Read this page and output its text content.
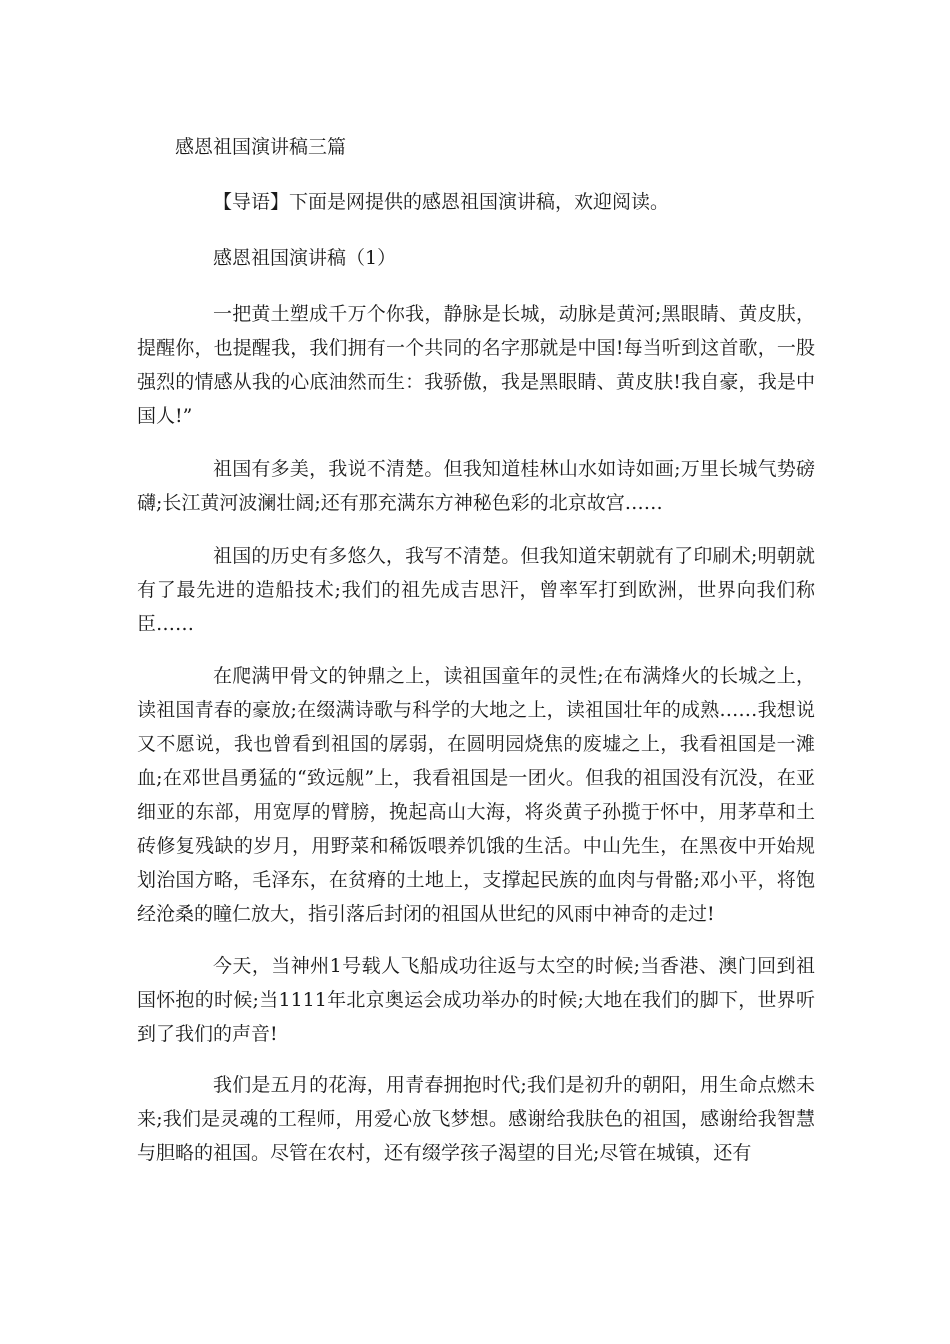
感恩祖国演讲稿三篇
【导语】下面是网提供的感恩祖国演讲稿，欢迎阅读。
感恩祖国演讲稿（1）

一把黄土塑成千万个你我，静脉是长城，动脉是黄河;黑眼睛、黄皮肤，提醒你，也提醒我，我们拥有一个共同的名字那就是中国!每当听到这首歌，一股强烈的情感从我的心底油然而生：我骄傲，我是黑眼睛、黄皮肤!我自豪，我是中国人!”

祖国有多美，我说不清楚。但我知道桂林山水如诗如画;万里长城气势磅礴;长江黄河波澜壮阔;还有那充满东方神秘色彩的北京故宫……

祖国的历史有多悠久，我写不清楚。但我知道宋朝就有了印刷术;明朝就有了最先进的造船技术;我们的祖先成吉思汗，曾率军打到欧洲，世界向我们称臣……

在爬满甲骨文的钟鼎之上，读祖国童年的灵性;在布满烽火的长城之上，读祖国青春的豪放;在缀满诗歌与科学的大地之上，读祖国壮年的成熟……我想说又不愿说，我也曾看到祖国的孱弱，在圆明园烧焦的废墟之上，我看祖国是一滩血;在邓世昌勇猛的“致远舰”上，我看祖国是一团火。但我的祖国没有沉没，在亚细亚的东部，用宽厚的臂膀，挽起高山大海，将炎黄子孙揽于怀中，用茅草和土砖修复残缺的岁月，用野菜和稀饭喂养饥饿的生活。中山先生，在黑夜中开始规划治国方略，毛泽东，在贫瘠的土地上，支撑起民族的血肉与骨骼;邓小平，将饱经沧桑的瞳仁放大，指引落后封闭的祖国从世纪的风雨中神奇的走过!

今天，当神州1号载人飞船成功往返与太空的时候;当香港、澳门回到祖国怀抱的时候;当1111年北京奥运会成功举办的时候;大地在我们的脚下，世界听到了我们的声音!

我们是五月的花海，用青春拥抱时代;我们是初升的朝阳，用生命点燃未来;我们是灵魂的工程师，用爱心放飞梦想。感谢给我肤色的祖国，感谢给我智慧与胆略的祖国。尽管在农村，还有缀学孩子渴望的目光;尽管在城镇，还有
